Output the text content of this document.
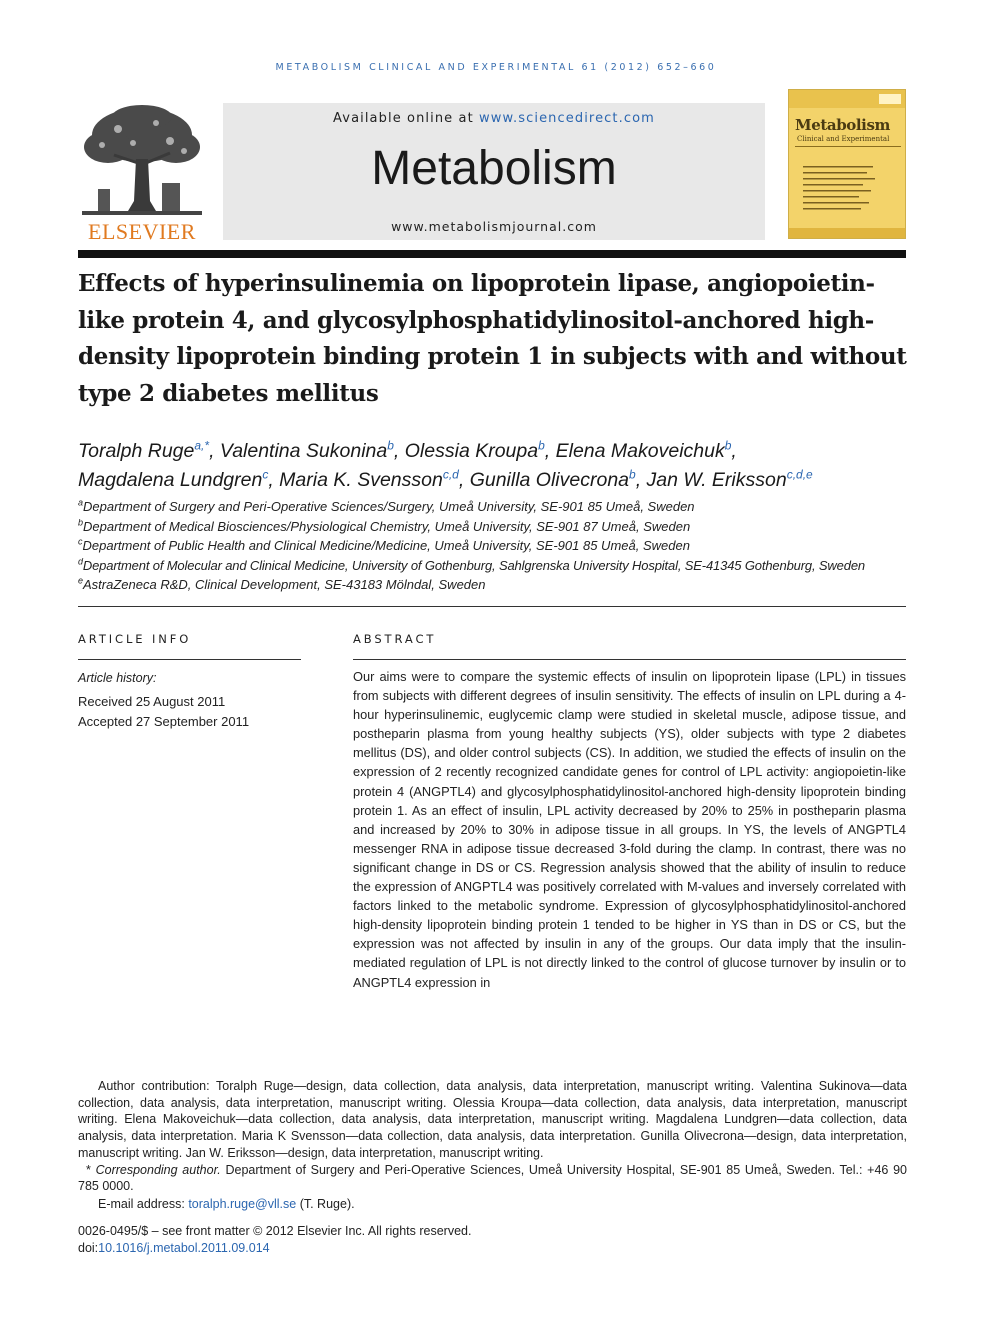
METABOLISM CLINICAL AND EXPERIMENTAL 61 (2012) 652–660
ELSEVIER
Available online at www.sciencedirect.com
Metabolism
www.metabolismjournal.com
Metabolism
Clinical and Experimental
Effects of hyperinsulinemia on lipoprotein lipase, angiopoietin-like protein 4, and glycosylphosphatidylinositol-anchored high-density lipoprotein binding protein 1 in subjects with and without type 2 diabetes mellitus
Toralph Ruge$^{a,*}$, Valentina Sukonina$^b$, Olessia Kroupa$^b$, Elena Makoveichuk$^b$,
Magdalena Lundgren$^c$, Maria K. Svensson$^{c,d}$, Gunilla Olivecrona$^b$, Jan W. Eriksson$^{c,d,e}$
$^a$Department of Surgery and Peri-Operative Sciences/Surgery, Umeå University, SE-901 85 Umeå, Sweden
$^b$Department of Medical Biosciences/Physiological Chemistry, Umeå University, SE-901 87 Umeå, Sweden
$^c$Department of Public Health and Clinical Medicine/Medicine, Umeå University, SE-901 85 Umeå, Sweden
$^d$Department of Molecular and Clinical Medicine, University of Gothenburg, Sahlgrenska University Hospital, SE-41345 Gothenburg, Sweden
$^e$AstraZeneca R&D, Clinical Development, SE-43183 Mölndal, Sweden
ARTICLE INFO
Article history:
Received 25 August 2011
Accepted 27 September 2011
ABSTRACT
Our aims were to compare the systemic effects of insulin on lipoprotein lipase (LPL) in tissues from subjects with different degrees of insulin sensitivity. The effects of insulin on LPL during a 4-hour hyperinsulinemic, euglycemic clamp were studied in skeletal muscle, adipose tissue, and postheparin plasma from young healthy subjects (YS), older subjects with type 2 diabetes mellitus (DS), and older control subjects (CS). In addition, we studied the effects of insulin on the expression of 2 recently recognized candidate genes for control of LPL activity: angiopoietin-like protein 4 (ANGPTL4) and glycosylphosphatidylinositol-anchored high-density lipoprotein binding protein 1. As an effect of insulin, LPL activity decreased by 20% to 25% in postheparin plasma and increased by 20% to 30% in adipose tissue in all groups. In YS, the levels of ANGPTL4 messenger RNA in adipose tissue decreased 3-fold during the clamp. In contrast, there was no significant change in DS or CS. Regression analysis showed that the ability of insulin to reduce the expression of ANGPTL4 was positively correlated with M-values and inversely correlated with factors linked to the metabolic syndrome. Expression of glycosylphosphatidylinositol-anchored high-density lipoprotein binding protein 1 tended to be higher in YS than in DS or CS, but the expression was not affected by insulin in any of the groups. Our data imply that the insulin-mediated regulation of LPL is not directly linked to the control of glucose turnover by insulin or to ANGPTL4 expression in

Author contribution: Toralph Ruge—design, data collection, data analysis, data interpretation, manuscript writing. Valentina Sukinova—data collection, data analysis, data interpretation, manuscript writing. Olessia Kroupa—data collection, data analysis, data interpretation, manuscript writing. Elena Makoveichuk—data collection, data analysis, data interpretation, manuscript writing. Magdalena Lundgren—data collection, data analysis, data interpretation. Maria K Svensson—data collection, data analysis, data interpretation. Gunilla Olivecrona—design, data interpretation, manuscript writing. Jan W. Eriksson—design, data interpretation, manuscript writing.

* Corresponding author. Department of Surgery and Peri-Operative Sciences, Umeå University Hospital, SE-901 85 Umeå, Sweden. Tel.: +46 90 785 0000.

E-mail address: toralph.ruge@vll.se (T. Ruge).

0026-0495/$ – see front matter © 2012 Elsevier Inc. All rights reserved.

doi:10.1016/j.metabol.2011.09.014
